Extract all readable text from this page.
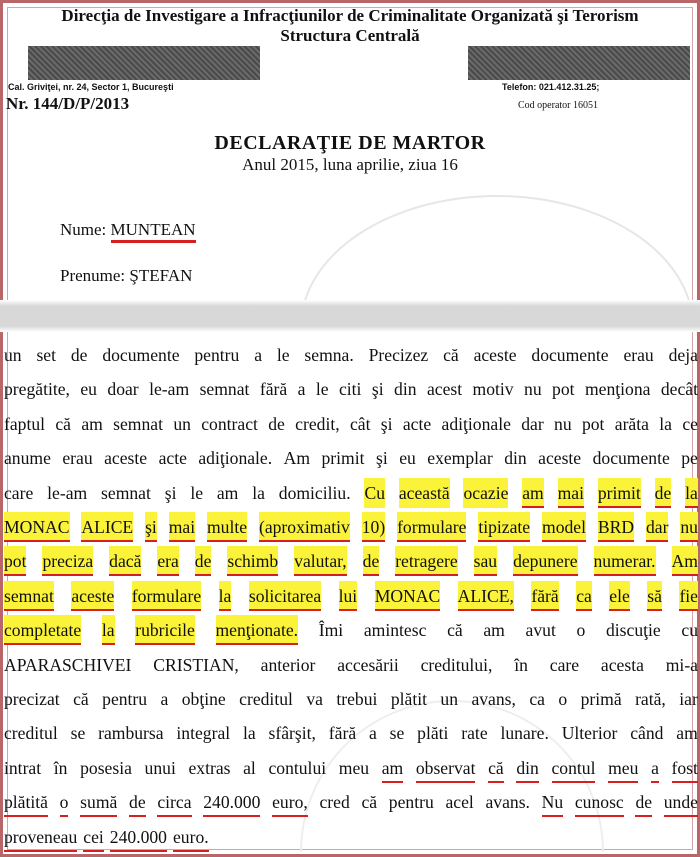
Direcţia de Investigare a Infracţiunilor de Criminalitate Organizată şi Terorism
Structura Centrală
Cal. Griviţei, nr. 24, Sector 1, Bucureşti	Telefon: 021.412.31.25;
Nr. 144/D/P/2013	Cod operator 16051
DECLARAŢIE DE MARTOR
Anul 2015, luna aprilie, ziua 16
Nume: MUNTEAN
Prenume: ŞTEFAN
un set de documente pentru a le semna. Precizez că aceste documente erau deja
pregătite, eu doar le-am semnat fără a le citi şi din acest motiv nu pot menţiona decât
faptul că am semnat un contract de credit, cât şi acte adiţionale dar nu pot arăta la ce
anume erau aceste acte adiţionale. Am primit şi eu exemplar din aceste documente pe
care le-am semnat şi le am la domiciliu. Cu această ocazie am mai primit de la
MONAC ALICE şi mai multe (aproximativ 10) formulare tipizate model BRD dar nu
pot preciza dacă era de schimb valutar, de retragere sau depunere numerar. Am
semnat aceste formulare la solicitarea lui MONAC ALICE, fără ca ele să fie
completate la rubricile menţionate. Îmi amintesc că am avut o discuţie cu
APARASCHIVEI CRISTIAN, anterior accesării creditului, în care acesta mi-a
precizat că pentru a obţine creditul va trebui plătit un avans, ca o primă rată, iar
creditul se rambursa integral la sfârşit, fără a se plăti rate lunare. Ulterior când am
intrat în posesia unui extras al contului meu am observat că din contul meu a fost
plătită o sumă de circa 240.000 euro, cred că pentru acel avans. Nu cunosc de unde
proveneau cei 240.000 euro.
